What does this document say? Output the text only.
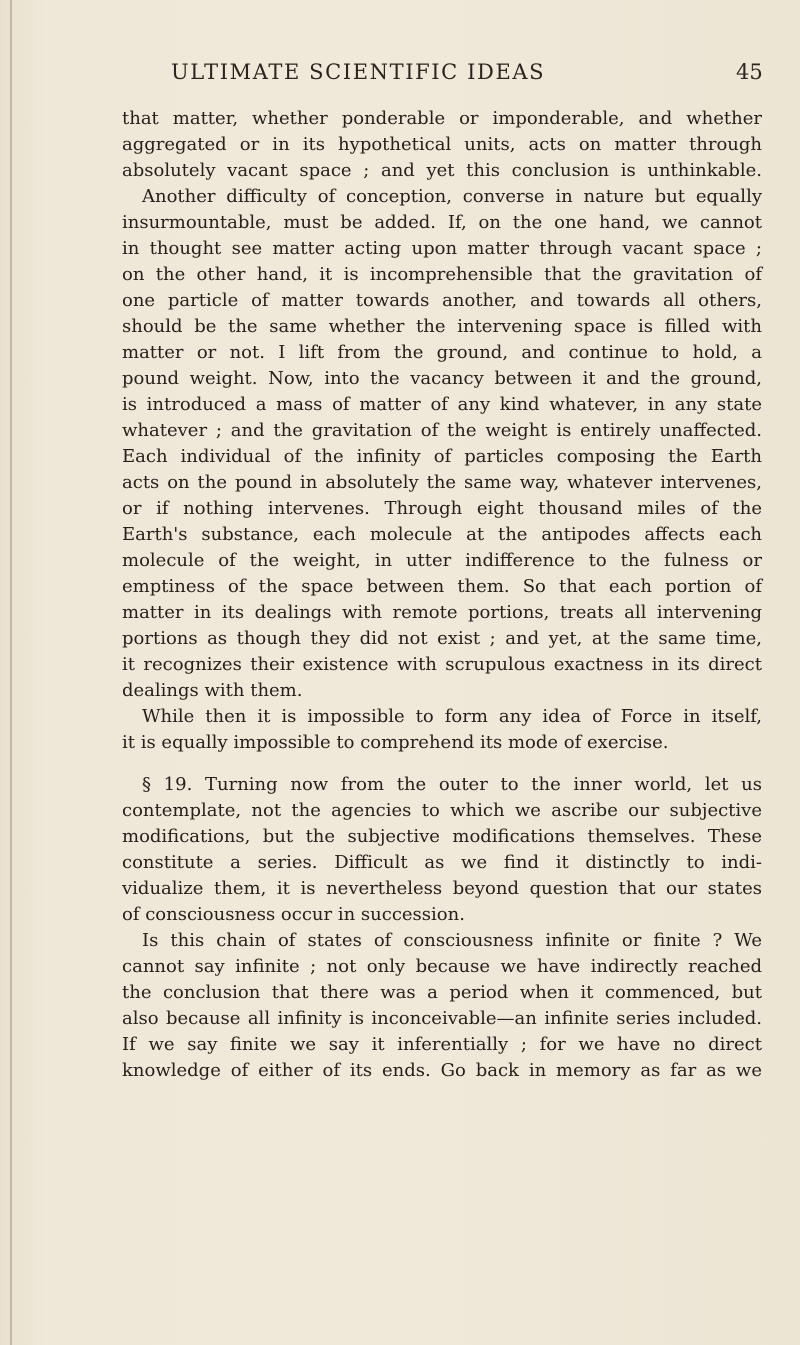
ULTIMATE SCIENTIFIC IDEAS	45
that matter, whether ponderable or imponderable, and whether
aggregated or in its hypothetical units, acts on matter through
absolutely vacant space ; and yet this conclusion is unthinkable.
Another difficulty of conception, converse in nature but equally
insurmountable, must be added. If, on the one hand, we cannot
in thought see matter acting upon matter through vacant space ;
on the other hand, it is incomprehensible that the gravitation of
one particle of matter towards another, and towards all others,
should be the same whether the intervening space is filled with
matter or not. I lift from the ground, and continue to hold, a
pound weight. Now, into the vacancy between it and the ground,
is introduced a mass of matter of any kind whatever, in any state
whatever ; and the gravitation of the weight is entirely unaffected.
Each individual of the infinity of particles composing the Earth
acts on the pound in absolutely the same way, whatever intervenes,
or if nothing intervenes. Through eight thousand miles of the
Earth's substance, each molecule at the antipodes affects each
molecule of the weight, in utter indifference to the fulness or
emptiness of the space between them. So that each portion of
matter in its dealings with remote portions, treats all intervening
portions as though they did not exist ; and yet, at the same time,
it recognizes their existence with scrupulous exactness in its direct
dealings with them.
While then it is impossible to form any idea of Force in itself,
it is equally impossible to comprehend its mode of exercise.
§ 19. Turning now from the outer to the inner world, let us
contemplate, not the agencies to which we ascribe our subjective
modifications, but the subjective modifications themselves. These
constitute a series. Difficult as we find it distinctly to indi-
vidualize them, it is nevertheless beyond question that our states
of consciousness occur in succession.
Is this chain of states of consciousness infinite or finite ? We
cannot say infinite ; not only because we have indirectly reached
the conclusion that there was a period when it commenced, but
also because all infinity is inconceivable—an infinite series included.
If we say finite we say it inferentially ; for we have no direct
knowledge of either of its ends. Go back in memory as far as we
